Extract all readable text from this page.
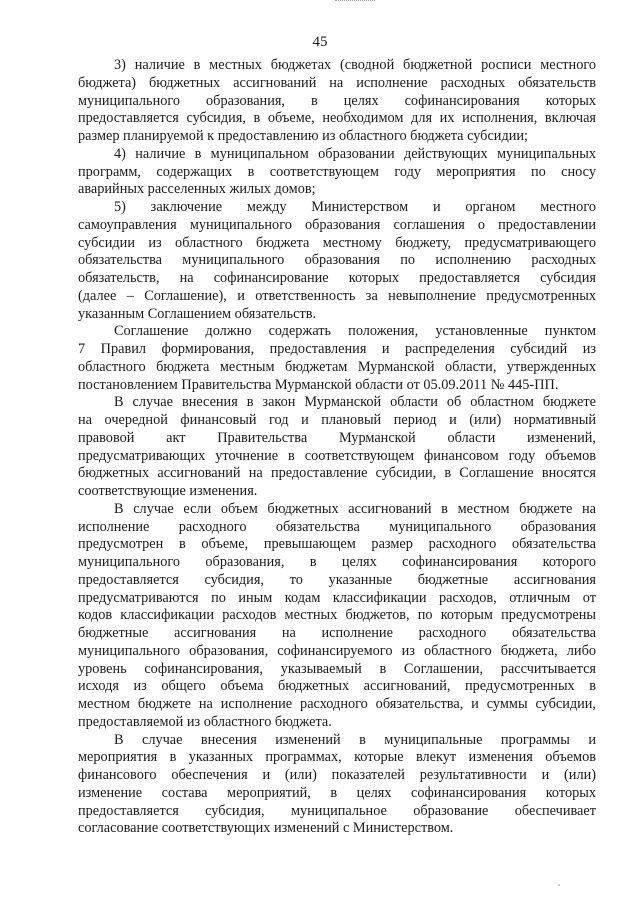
45
3) наличие в местных бюджетах (сводной бюджетной росписи местного
бюджета) бюджетных ассигнований на исполнение расходных обязательств
муниципального образования, в целях софинансирования которых
предоставляется субсидия, в объеме, необходимом для их исполнения, включая
размер планируемой к предоставлению из областного бюджета субсидии;
4) наличие в муниципальном образовании действующих муниципальных
программ, содержащих в соответствующем году мероприятия по сносу
аварийных расселенных жилых домов;
5) заключение между Министерством и органом местного
самоуправления муниципального образования соглашения о предоставлении
субсидии из областного бюджета местному бюджету, предусматривающего
обязательства муниципального образования по исполнению расходных
обязательств, на софинансирование которых предоставляется субсидия
(далее – Соглашение), и ответственность за невыполнение предусмотренных
указанным Соглашением обязательств.
Соглашение должно содержать положения, установленные пунктом
7 Правил формирования, предоставления и распределения субсидий из
областного бюджета местным бюджетам Мурманской области, утвержденных
постановлением Правительства Мурманской области от 05.09.2011 № 445-ПП.
В случае внесения в закон Мурманской области об областном бюджете
на очередной финансовый год и плановый период и (или) нормативный
правовой акт Правительства Мурманской области изменений,
предусматривающих уточнение в соответствующем финансовом году объемов
бюджетных ассигнований на предоставление субсидии, в Соглашение вносятся
соответствующие изменения.
В случае если объем бюджетных ассигнований в местном бюджете на
исполнение расходного обязательства муниципального образования
предусмотрен в объеме, превышающем размер расходного обязательства
муниципального образования, в целях софинансирования которого
предоставляется субсидия, то указанные бюджетные ассигнования
предусматриваются по иным кодам классификации расходов, отличным от
кодов классификации расходов местных бюджетов, по которым предусмотрены
бюджетные ассигнования на исполнение расходного обязательства
муниципального образования, софинансируемого из областного бюджета, либо
уровень софинансирования, указываемый в Соглашении, рассчитывается
исходя из общего объема бюджетных ассигнований, предусмотренных в
местном бюджете на исполнение расходного обязательства, и суммы субсидии,
предоставляемой из областного бюджета.
В случае внесения изменений в муниципальные программы и
мероприятия в указанных программах, которые влекут изменения объемов
финансового обеспечения и (или) показателей результативности и (или)
изменение состава мероприятий, в целях софинансирования которых
предоставляется субсидия, муниципальное образование обеспечивает
согласование соответствующих изменений с Министерством.
